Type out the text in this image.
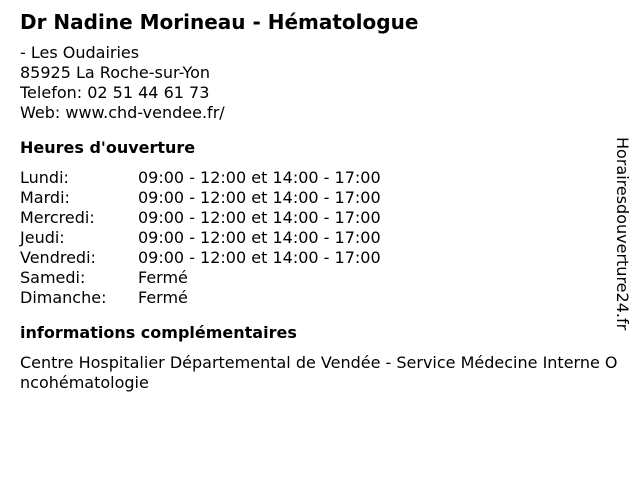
Dr Nadine Morineau - Hématologue
- Les Oudairies
85925 La Roche-sur-Yon
Telefon: 02 51 44 61 73
Web: www.chd-vendee.fr/
Heures d'ouverture
Lundi:	09:00 - 12:00 et 14:00 - 17:00
Mardi:	09:00 - 12:00 et 14:00 - 17:00
Mercredi:	09:00 - 12:00 et 14:00 - 17:00
Jeudi:	09:00 - 12:00 et 14:00 - 17:00
Vendredi:	09:00 - 12:00 et 14:00 - 17:00
Samedi:	Fermé
Dimanche: Fermé
informations complémentaires
Centre Hospitalier Départemental de Vendée - Service Médecine Interne Oncohématologie
Horairesdouverture24.fr
